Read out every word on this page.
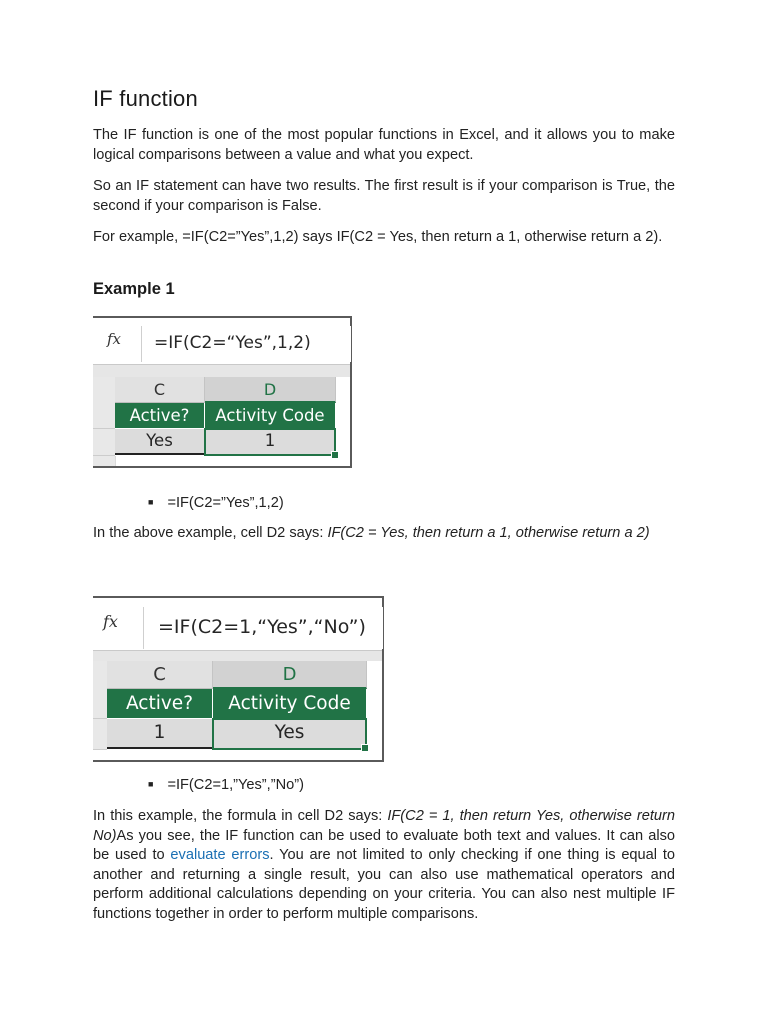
IF function

The IF function is one of the most popular functions in Excel, and it allows you to make logical comparisons between a value and what you expect.

So an IF statement can have two results. The first result is if your comparison is True, the second if your comparison is False.

For example, =IF(C2=”Yes”,1,2) says IF(C2 = Yes, then return a 1, otherwise return a 2).

Example 1
fx =IF(C2=“Yes”,1,2)
C	D
Active?	Activity Code
Yes	1
■ =IF(C2=”Yes”,1,2)

In the above example, cell D2 says: IF(C2 = Yes, then return a 1, otherwise return a 2)

fx =IF(C2=1,“Yes”,“No”)
C	D
Active?	Activity Code
1	Yes
■ =IF(C2=1,”Yes”,”No”)

In this example, the formula in cell D2 says: IF(C2 = 1, then return Yes, otherwise return No)As you see, the IF function can be used to evaluate both text and values. It can also be used to evaluate errors. You are not limited to only checking if one thing is equal to another and returning a single result, you can also use mathematical operators and perform additional calculations depending on your criteria. You can also nest multiple IF functions together in order to perform multiple comparisons.
